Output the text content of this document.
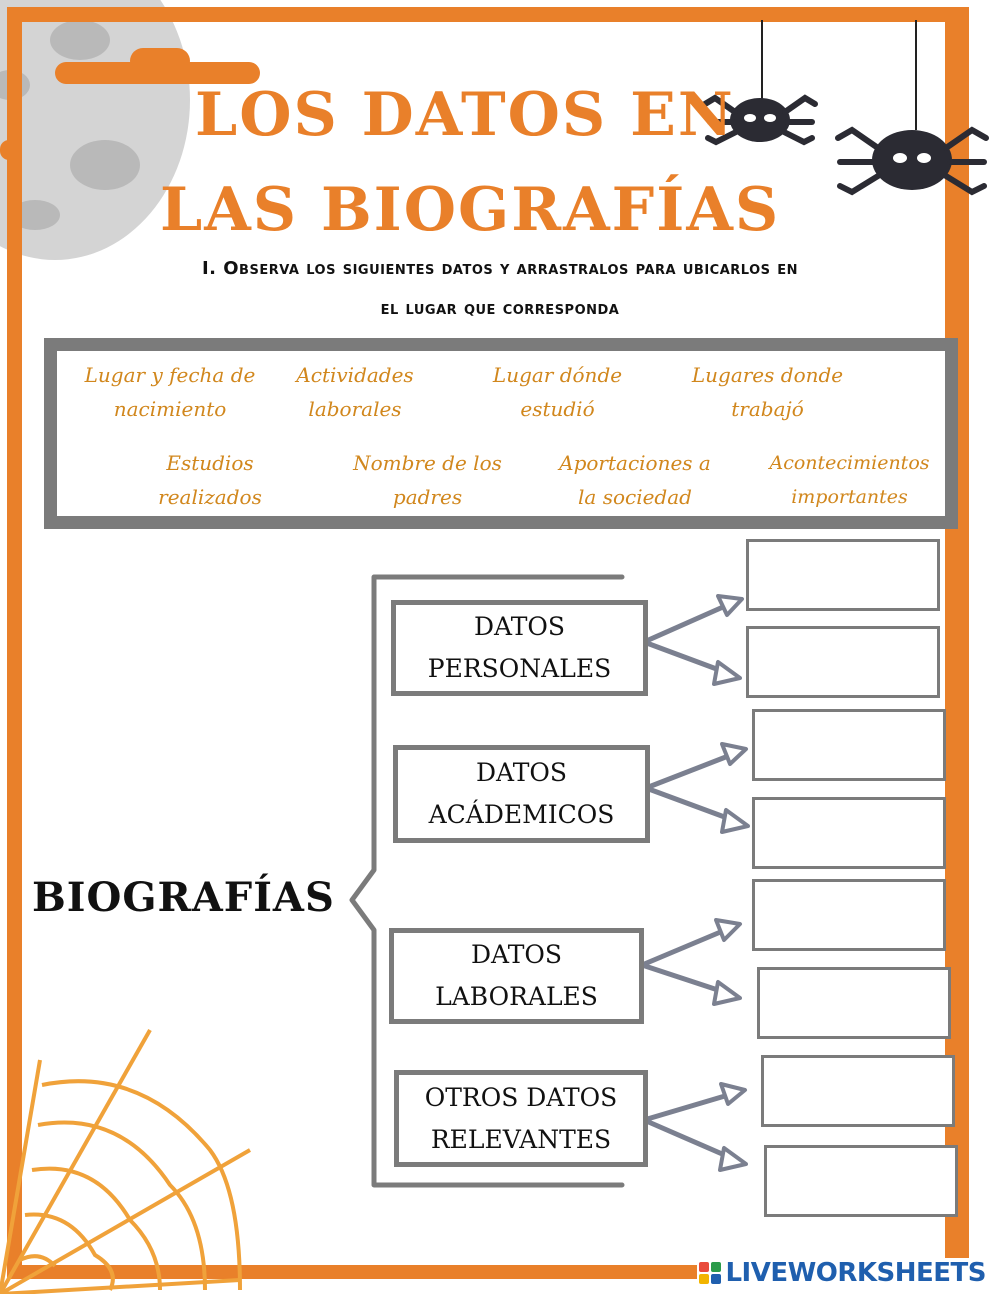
LOS DATOS EN
LAS BIOGRAFÍAS
I. Observa los siguientes datos y arrastralos para ubicarlos en
el lugar que corresponda
Lugar y fecha de
nacimiento
Actividades
laborales
Lugar dónde
estudió
Lugares donde
trabajó
Estudios
realizados
Nombre de los
padres
Aportaciones a
la sociedad
Acontecimientos
importantes
BIOGRAFÍAS
DATOS
PERSONALES
DATOS
ACÁDEMICOS
DATOS
LABORALES
OTROS DATOS
RELEVANTES
LIVEWORKSHEETS
